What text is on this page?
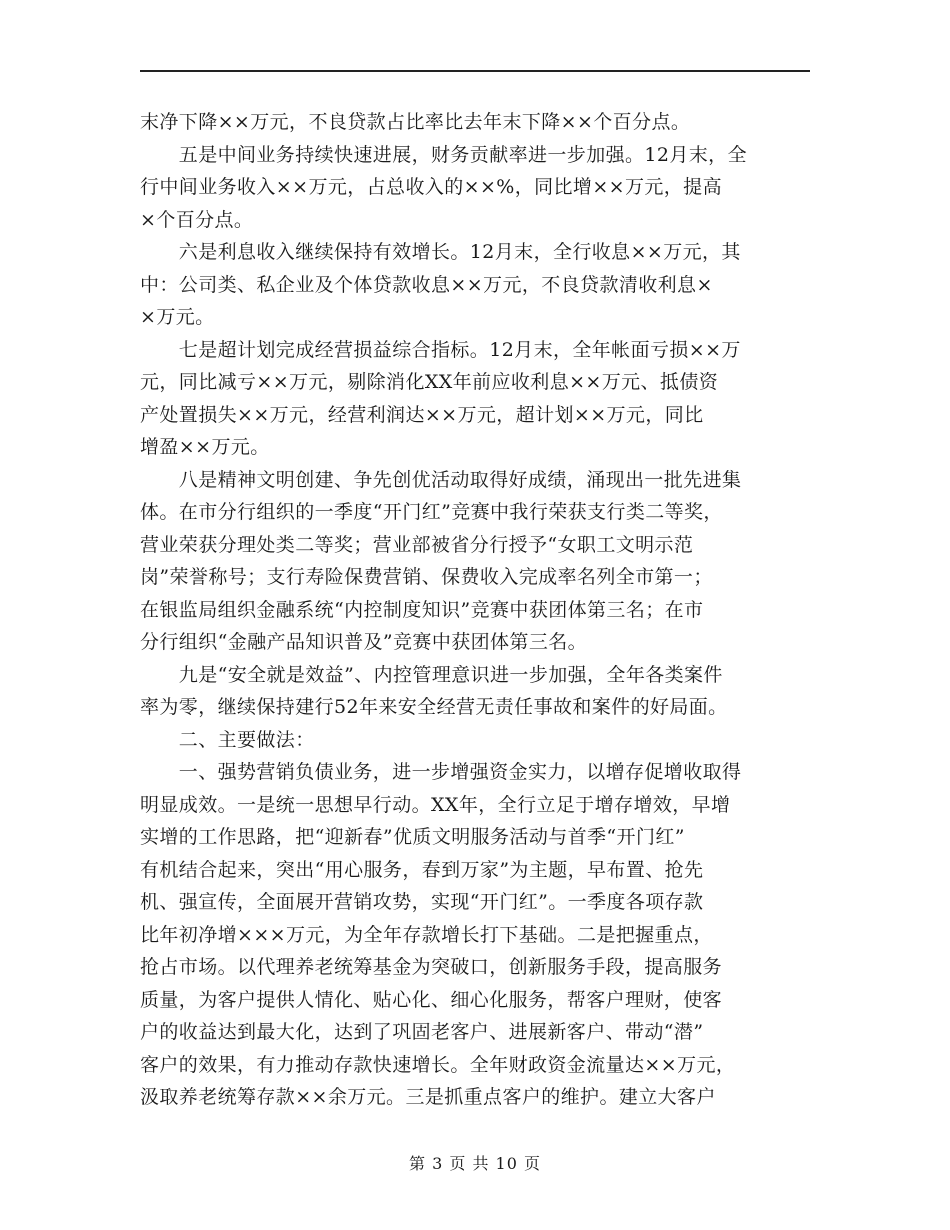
末净下降××万元，不良贷款占比率比去年末下降××个百分点。
　　五是中间业务持续快速进展，财务贡献率进一步加强。12月末，全
行中间业务收入××万元，占总收入的××%，同比增××万元，提高
×个百分点。
　　六是利息收入继续保持有效增长。12月末，全行收息××万元，其
中：公司类、私企业及个体贷款收息××万元，不良贷款清收利息×
×万元。
　　七是超计划完成经营损益综合指标。12月末，全年帐面亏损××万
元，同比减亏××万元，剔除消化XX年前应收利息××万元、抵债资
产处置损失××万元，经营利润达××万元，超计划××万元，同比
增盈××万元。
　　八是精神文明创建、争先创优活动取得好成绩，涌现出一批先进集
体。在市分行组织的一季度“开门红”竞赛中我行荣获支行类二等奖，
营业荣获分理处类二等奖；营业部被省分行授予“女职工文明示范
岗”荣誉称号；支行寿险保费营销、保费收入完成率名列全市第一；
在银监局组织金融系统“内控制度知识”竞赛中获团体第三名；在市
分行组织“金融产品知识普及”竞赛中获团体第三名。
　　九是“安全就是效益”、内控管理意识进一步加强，全年各类案件
率为零，继续保持建行52年来安全经营无责任事故和案件的好局面。
　　二、主要做法：
　　一、强势营销负债业务，进一步增强资金实力，以增存促增收取得
明显成效。一是统一思想早行动。XX年，全行立足于增存增效，早增
实增的工作思路，把“迎新春”优质文明服务活动与首季“开门红”
有机结合起来，突出“用心服务，春到万家”为主题，早布置、抢先
机、强宣传，全面展开营销攻势，实现“开门红”。一季度各项存款
比年初净增×××万元，为全年存款增长打下基础。二是把握重点，
抢占市场。以代理养老统筹基金为突破口，创新服务手段，提高服务
质量，为客户提供人情化、贴心化、细心化服务，帮客户理财，使客
户的收益达到最大化，达到了巩固老客户、进展新客户、带动“潜”
客户的效果，有力推动存款快速增长。全年财政资金流量达××万元，
汲取养老统筹存款××余万元。三是抓重点客户的维护。建立大客户
第 3 页 共 10 页
